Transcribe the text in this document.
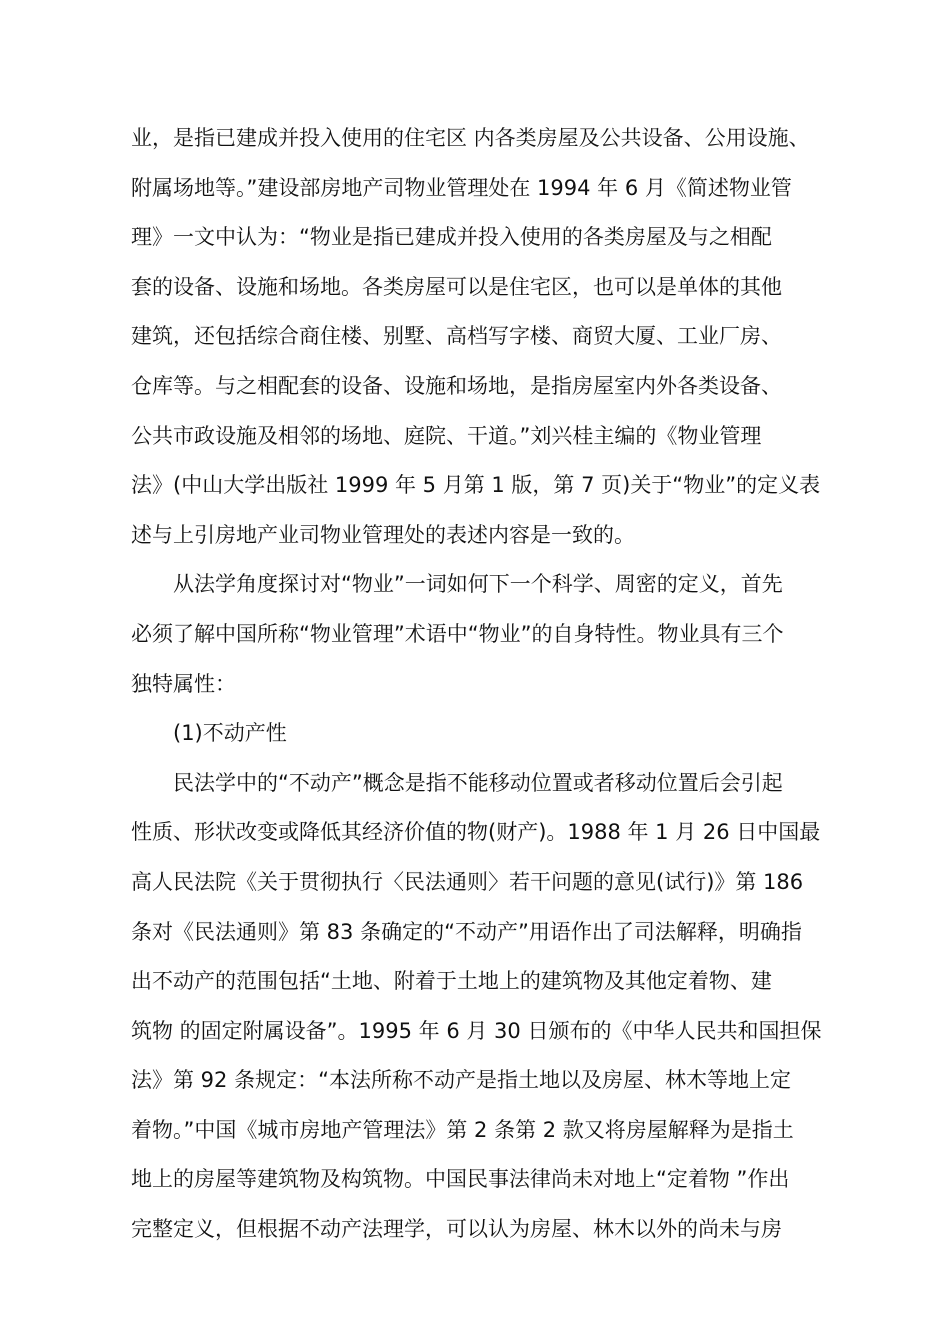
业，是指已建成并投入使用的住宅区 内各类房屋及公共设备、公用设施、
附属场地等。”建设部房地产司物业管理处在 1994 年 6 月《简述物业管
理》一文中认为：“物业是指已建成并投入使用的各类房屋及与之相配
套的设备、设施和场地。各类房屋可以是住宅区，也可以是单体的其他
建筑，还包括综合商住楼、别墅、高档写字楼、商贸大厦、工业厂房、
仓库等。与之相配套的设备、设施和场地，是指房屋室内外各类设备、
公共市政设施及相邻的场地、庭院、干道。”刘兴桂主编的《物业管理
法》(中山大学出版社 1999 年 5 月第 1 版，第 7 页)关于“物业”的定义表
述与上引房地产业司物业管理处的表述内容是一致的。
从法学角度探讨对“物业”一词如何下一个科学、周密的定义，首先
必须了解中国所称“物业管理”术语中“物业”的自身特性。物业具有三个
独特属性：
(1)不动产性
民法学中的“不动产”概念是指不能移动位置或者移动位置后会引起
性质、形状改变或降低其经济价值的物(财产)。1988 年 1 月 26 日中国最
高人民法院《关于贯彻执行〈民法通则〉若干问题的意见(试行)》第 186
条对《民法通则》第 83 条确定的“不动产”用语作出了司法解释，明确指
出不动产的范围包括“土地、附着于土地上的建筑物及其他定着物、建
筑物 的固定附属设备”。1995 年 6 月 30 日颁布的《中华人民共和国担保
法》第 92 条规定：“本法所称不动产是指土地以及房屋、林木等地上定
着物。”中国《城市房地产管理法》第 2 条第 2 款又将房屋解释为是指土
地上的房屋等建筑物及构筑物。中国民事法律尚未对地上“定着物 ”作出
完整定义，但根据不动产法理学，可以认为房屋、林木以外的尚未与房
